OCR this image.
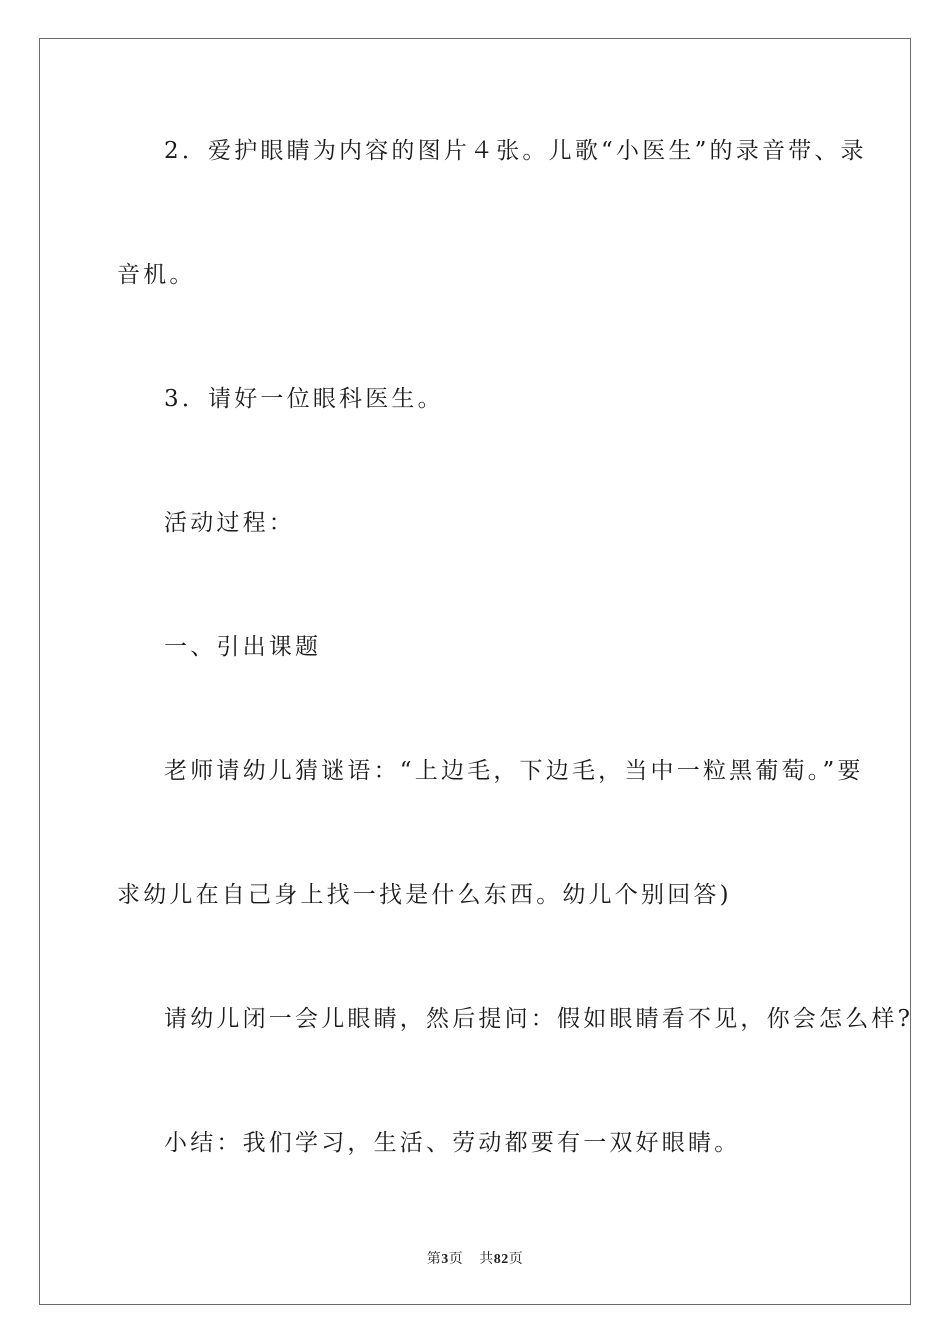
2．爱护眼睛为内容的图片４张。儿歌“小医生”的录音带、录
音机。
3．请好一位眼科医生。
活动过程：
一、引出课题
老师请幼儿猜谜语：“上边毛，下边毛，当中一粒黑葡萄。”要
求幼儿在自己身上找一找是什么东西。幼儿个别回答)
请幼儿闭一会儿眼睛，然后提问：假如眼睛看不见，你会怎么样?
小结：我们学习，生活、劳动都要有一双好眼睛。
第3页 共82页
